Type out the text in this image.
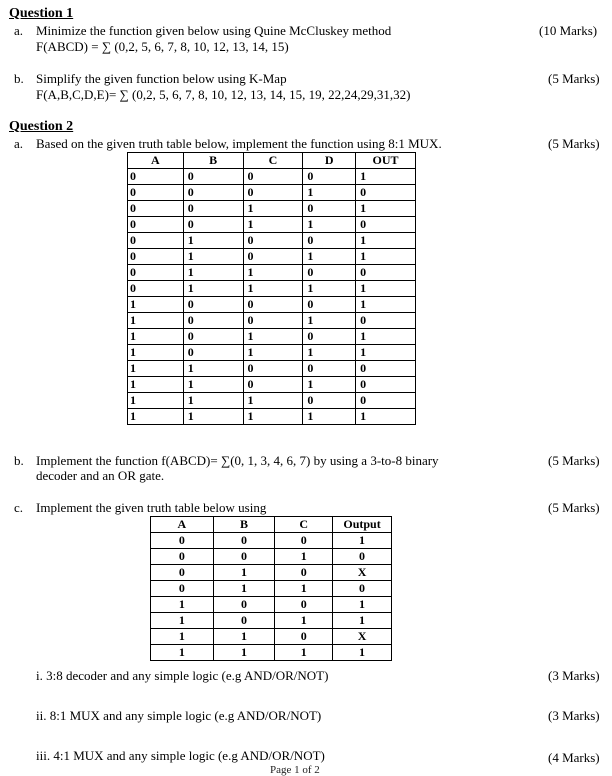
Question 1
a. Minimize the function given below using Quine McCluskey method
F(ABCD) = ∑ (0,2, 5, 6, 7, 8, 10, 12, 13, 14, 15)
(10 Marks)
b. Simplify the given function below using K-Map
F(A,B,C,D,E)= ∑ (0,2, 5, 6, 7, 8, 10, 12, 13, 14, 15, 19, 22,24,29,31,32)
(5 Marks)
Question 2
a. Based on the given truth table below, implement the function using 8:1 MUX.	(5 Marks)
A	B	C	D	OUT
0	0	0	0	1
0	0	0	1	0
0	0	1	0	1
0	0	1	1	0
0	1	0	0	1
0	1	0	1	1
0	1	1	0	0
0	1	1	1	1
1	0	0	0	1
1	0	0	1	0
1	0	1	0	1
1	0	1	1	1
1	1	0	0	0
1	1	0	1	0
1	1	1	0	0
1	1	1	1	1
b. Implement the function f(ABCD)= ∑(0, 1, 3, 4, 6, 7) by using a 3-to-8 binary
decoder and an OR gate.
(5 Marks)
c. Implement the given truth table below using	(5 Marks)
A	B	C	Output
0	0	0	1
0	0	1	0
0	1	0	X
0	1	1	0
1	0	0	1
1	0	1	1
1	1	0	X
1	1	1	1
i. 3:8 decoder and any simple logic (e.g AND/OR/NOT)	(3 Marks)
ii. 8:1 MUX and any simple logic (e.g AND/OR/NOT)	(3 Marks)
iii. 4:1 MUX and any simple logic (e.g AND/OR/NOT)	(4 Marks)
Page 1 of 2
